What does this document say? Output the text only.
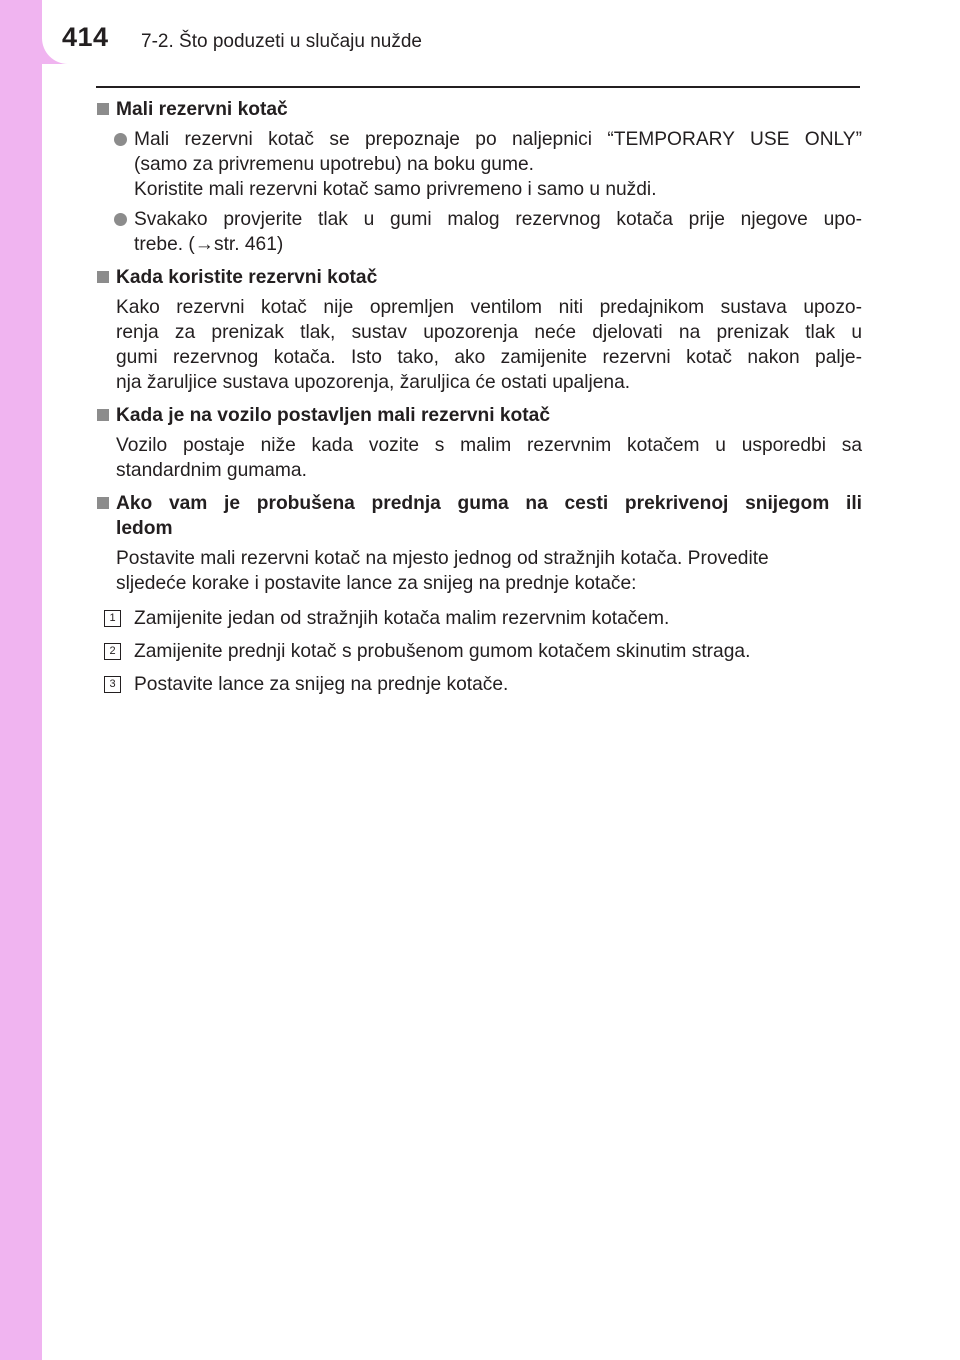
414 7-2. Što poduzeti u slučaju nužde
Mali rezervni kotač
Mali rezervni kotač se prepoznaje po naljepnici “TEMPORARY USE ONLY”
(samo za privremenu upotrebu) na boku gume.
Koristite mali rezervni kotač samo privremeno i samo u nuždi.
Svakako provjerite tlak u gumi malog rezervnog kotača prije njegove upo-
trebe. (→str. 461)
Kada koristite rezervni kotač
Kako rezervni kotač nije opremljen ventilom niti predajnikom sustava upozo-
renja za prenizak tlak, sustav upozorenja neće djelovati na prenizak tlak u
gumi rezervnog kotača. Isto tako, ako zamijenite rezervni kotač nakon palje-
nja žaruljice sustava upozorenja, žaruljica će ostati upaljena.
Kada je na vozilo postavljen mali rezervni kotač
Vozilo postaje niže kada vozite s malim rezervnim kotačem u usporedbi sa
standardnim gumama.
Ako vam je probušena prednja guma na cesti prekrivenoj snijegom ili
ledom
Postavite mali rezervni kotač na mjesto jednog od stražnjih kotača. Provedite
sljedeće korake i postavite lance za snijeg na prednje kotače:
1 Zamijenite jedan od stražnjih kotača malim rezervnim kotačem.
2 Zamijenite prednji kotač s probušenom gumom kotačem skinutim straga.
3 Postavite lance za snijeg na prednje kotače.
